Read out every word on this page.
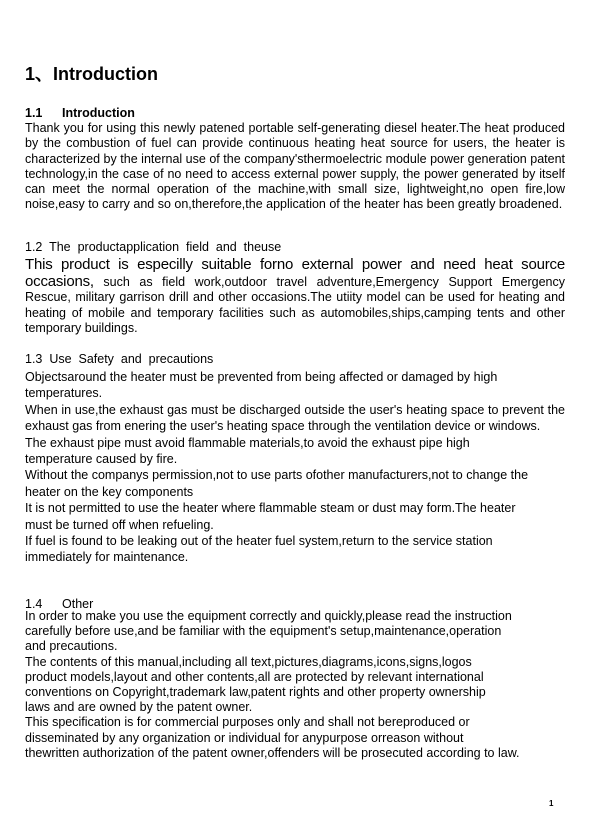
1、Introduction

1.1 Introduction

Thank you for using this newly patened portable self-generating diesel heater.The heat produced by the combustion of fuel can provide continuous heating heat source for users, the heater is characterized by the internal use of the company'sthermoelectric module power generation patent technology,in the case of no need to access external power supply, the power generated by itself can meet the normal operation of the machine,with small size, lightweight,no open fire,low noise,easy to carry and so on,therefore,the application of the heater has been greatly broadened.

1.2  The  productapplication  field  and  theuse

This product is especilly suitable forno external power and need heat source occasions, such as field work,outdoor travel adventure,Emergency Support Emergency Rescue, military garrison drill and other occasions.The utiity model can be used for heating and heating of mobile and temporary facilities such as automobiles,ships,camping tents and other temporary buildings.

1.3  Use  Safety  and  precautions

Objectsaround the heater must be prevented from being affected or damaged by high temperatures.

When in use,the exhaust gas must be discharged outside the user's heating space to prevent the exhaust gas from enering the user's heating space through the ventilation device or windows.

The exhaust pipe must avoid flammable materials,to avoid the exhaust pipe high temperature caused by fire.

Without the companys permission,not to use parts ofother manufacturers,not to change the heater on the key components

It is not permitted to use the heater where flammable steam or dust may form.The heater must be turned off when refueling.

If fuel is found to be leaking out of the heater fuel system,return to the service station immediately for maintenance.

1.4 Other

In order to make you use the equipment correctly and quickly,please read the instruction

carefully before use,and be familiar with the equipment's setup,maintenance,operation

and precautions.

The contents of this manual,including all text,pictures,diagrams,icons,signs,logos

product models,layout and other contents,all are protected by relevant international

conventions on Copyright,trademark law,patent rights and other property ownership

laws and are owned by the patent owner.

This specification is for commercial purposes only and shall not bereproduced or

disseminated by any organization or individual for anypurpose orreason without

thewritten authorization of the patent owner,offenders will be prosecuted according to law.

1
